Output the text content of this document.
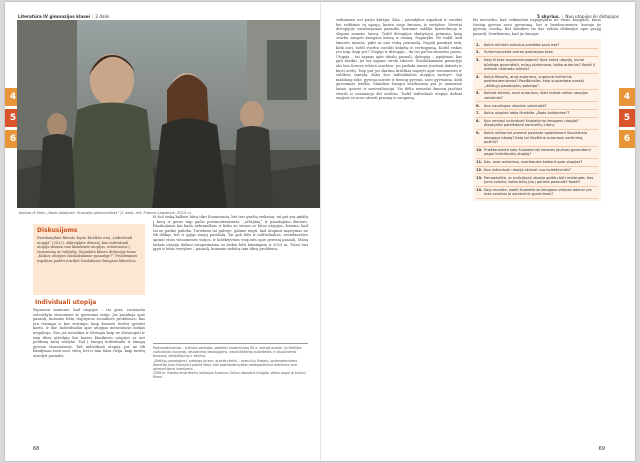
Literatūra IV gimnazijos klasei | 2 dalis	5 skyrius. | Nuo utopijos iki distopijos
4
5
6
4
5
6
Kadras iš filmo „Bado žaidynės. Strazdas giesmininkas“ (1 dalis, rež. Francis Lawrence, 2015 m.
Diskusijoms

Pasiskaitykite filosofo Kęsto Kirtiklio eseį „Individuali utopija“ (2022). Atkreipkite dėmesį, kuo individuali utopija skiriasi nuo klasikinės utopijos, orientuotos į visuomenę ar valstybę. Sujunkite klases diskusijai tema „Kokios utopijos šiuolaikiniame pasaulyje?“ Problemines aspektas padėti įvardyti šiuolaikinio žmogaus lūkesčius.

Individuali utopija
Paprastai manome, kad utopijos – tai gera, racionalia sutvarkyta visuomenė ar gyvenimo vizija. Jos pasakoja apie pasaulį, kuriame būtų išspręstos socialinės problemos: kas yra teisinga ir kas vertinga, kaip žmonės turėtų gyventi kartu. Ir dar. Individualiai apie utopijas mėnesiuose niekas negalvoja. Nes jos nevadina ir išvengia kaip ne išsisaugoti ir tam tikru atžvilgiu kai kurios klasikinės utopijos ar net politinių šalių realybe. Tad į žmogų individualu ir žmogų gyvena visuomenėje. Tad individuali utopija yra ne tik bandymas rasti savo vietą, bet ir tam tikra vizija, kaip turėtų atrodyti pasaulis.
Iš šiol viską kalbėsi būtų tikri Kosmosinių, bet turi gražių veiksmų: tai pat yra ginklų į kovą ir geras taip pačio postmodernizmas, „ačiūjimų“ ir pasakojimo žmones. Pasakojimas kai kada nebrandžius ir lieka su vienos ar kitos utopijos, žinoma, kad tai ne patiko palieka. Turėdami tai galvoje, galime teigti, kad utopinis mąstymas ne tik išlikęs, bet ir įgijęs naujų pavidalų. Tai gali būti ir individualios, nesiekiančios apimti visos visuomenės vizijos, ir kolektyvinės svajonės apie geresnį pasaulį. Mūsų laikais utopija dažnai sutapatinama su siekiu būti laimingam ir 2025 m. Tiesa turi įgyti ir kitas vertybes – pasaulį, kuriame nebūtų tam tikrų problemų.
Postmodernizmas – kultūros periodas, pakeitęs modernizmą XX a. antroje pusėje. Jis išreiškia civilizacijos nuovargį, atsisakymą ideologijoms, nepasitikėjimą autoritetais ir visuotinėmis tiesomis, eklektiškumą ir žaismą.
„Didžiųjų pasakojimų“ pabaiga (pranc. grands récits) – prancūzų filosofo, postmodernizmo teoretiko Jean-François Lyotard idėja, kad postmodernybėje nebepasitikima didelėmis visa apimančiomis istorijomis.
2008 m. išleista amerikiečių rašytojos Suzanne Collins distopinė trilogija, vėliau pagal ją sukurti filmai.
68	69
veikiamais net patys kūrėjai. Kita – pavadybos atpažinti ir suvokti bei reikšmes tų sąsajų, kurios sieja žmones, ir vertybes. Neretai distopijoje vaizduojamas pasaulis, kuriame valdžia kontroliuoja ir slopina asmens laisvę. Todėl distopijos skaitytojui primena, kaip svarbu saugoti žmogaus laisvę ir orumą. Naparyko. Ne todėl, kad žmonės tamsūs, pikti ar nuo viską prarandą. Negali pasakyti tiek, kiek nori, todėl svarbu suvokti kokybę ir vertingumą. Kodėl viskas yra taip, kaip yra? Utopija ir distopija – du tos pačios monetos pusės. Utopija – tai sapnas apie idealų pasaulį, distopija – įspėjimas, kas gali nutikti, jei tas sapnas virsta tikrove. Šiuolaikiniame pasaulyje abi šios formos tebėra svarbios: jos padeda mums įvertinti dabartį ir kurti ateitį. Taip pat jos skatina kritiškai mąstyti apie visuomenės ir valdžios santykį. Koks šios individualios utopijos turinys? Ogi maždaug toks: gyvenu mieste ir tiesiog gyvenu, savo gyvenimu, kiek gyvenimas leidžia. Šiandien žmogui svarbiausia yra jo asmeninė laimė, gerovė ir savirealizacija. Vis dėlto nemažai žmonių jaučiasi vieniši ir nerimauja dėl ateities. Todėl individuali utopija dažnai susijusi su noru atrasti prasmę ir saugumą.
Iki nesvarbu, kad veikiančiai nepajėgtum ne vieno žmogaus, kuris tiesiog gyvena savo gyvenimą, bet ir bendruomenės, kurioje jis gyvena, svarbą. Bet šiandien vis dar vyksta diskusijos apie gerąjį pasaulį. Svarbiausia, kad jis žmogui:
1. Kokia mintimi autorius pradeda savo esė?
2. Suformuluokite antros pastraipos tezę.
3. Kaip ši teze argumentuojama? Apie kokią utopiją, kuriai būdinga gyvendinti, mūsų platumose, kalba autorius? Kodėl ji niekam neatrodo laimės?
4. Kokią filosofą, anot autoriaus, sugriovė kultūrinis postmodernizmas? Paaiškinkite, kaip suprantate posakį „didžiųjų pasakojimų pabaiga“.
5. Kokiais būdais, anot autoriaus, šiais laikais veikia utopijos vaizdiniai?
6. Kuo naudingas utopinis vaizduotė?
7. Kokia utopinė idėja išreikšta „Bado žaidynėse“?
8. Kuo remiasi individuali šiuolaikinio žmogaus utopija? Atsakykite pateikdami konkrečių citatų.
9. Kokia utilitarinė prasmė paslėpta apibūdinant šiuolaikinio žmogaus idealą? Kaip tai išryškina autoriaus vertinimą, požiūrį?
10. Prieštaraukite kaip šiuolaikiniai žmonės jaučiasi gyvendami pagal individualią utopiją?
11. Kas, anot autoriaus, svarbiausia kalbant apie utopijas?
12. Kuo individuali utopija skiriasi nuo kolektyvinės?
13. Pamąstykite, ar individuali utopija galėtų būti realizuota. Kas jums svarbu, kokia būtų jūsų gerasis pasaulis? Kodėl?
14. Kaip manote, kodėl šiuolaikinio žmogaus vizijose dažnai yra toks svarbus jo asmeninis gyvenimas?
